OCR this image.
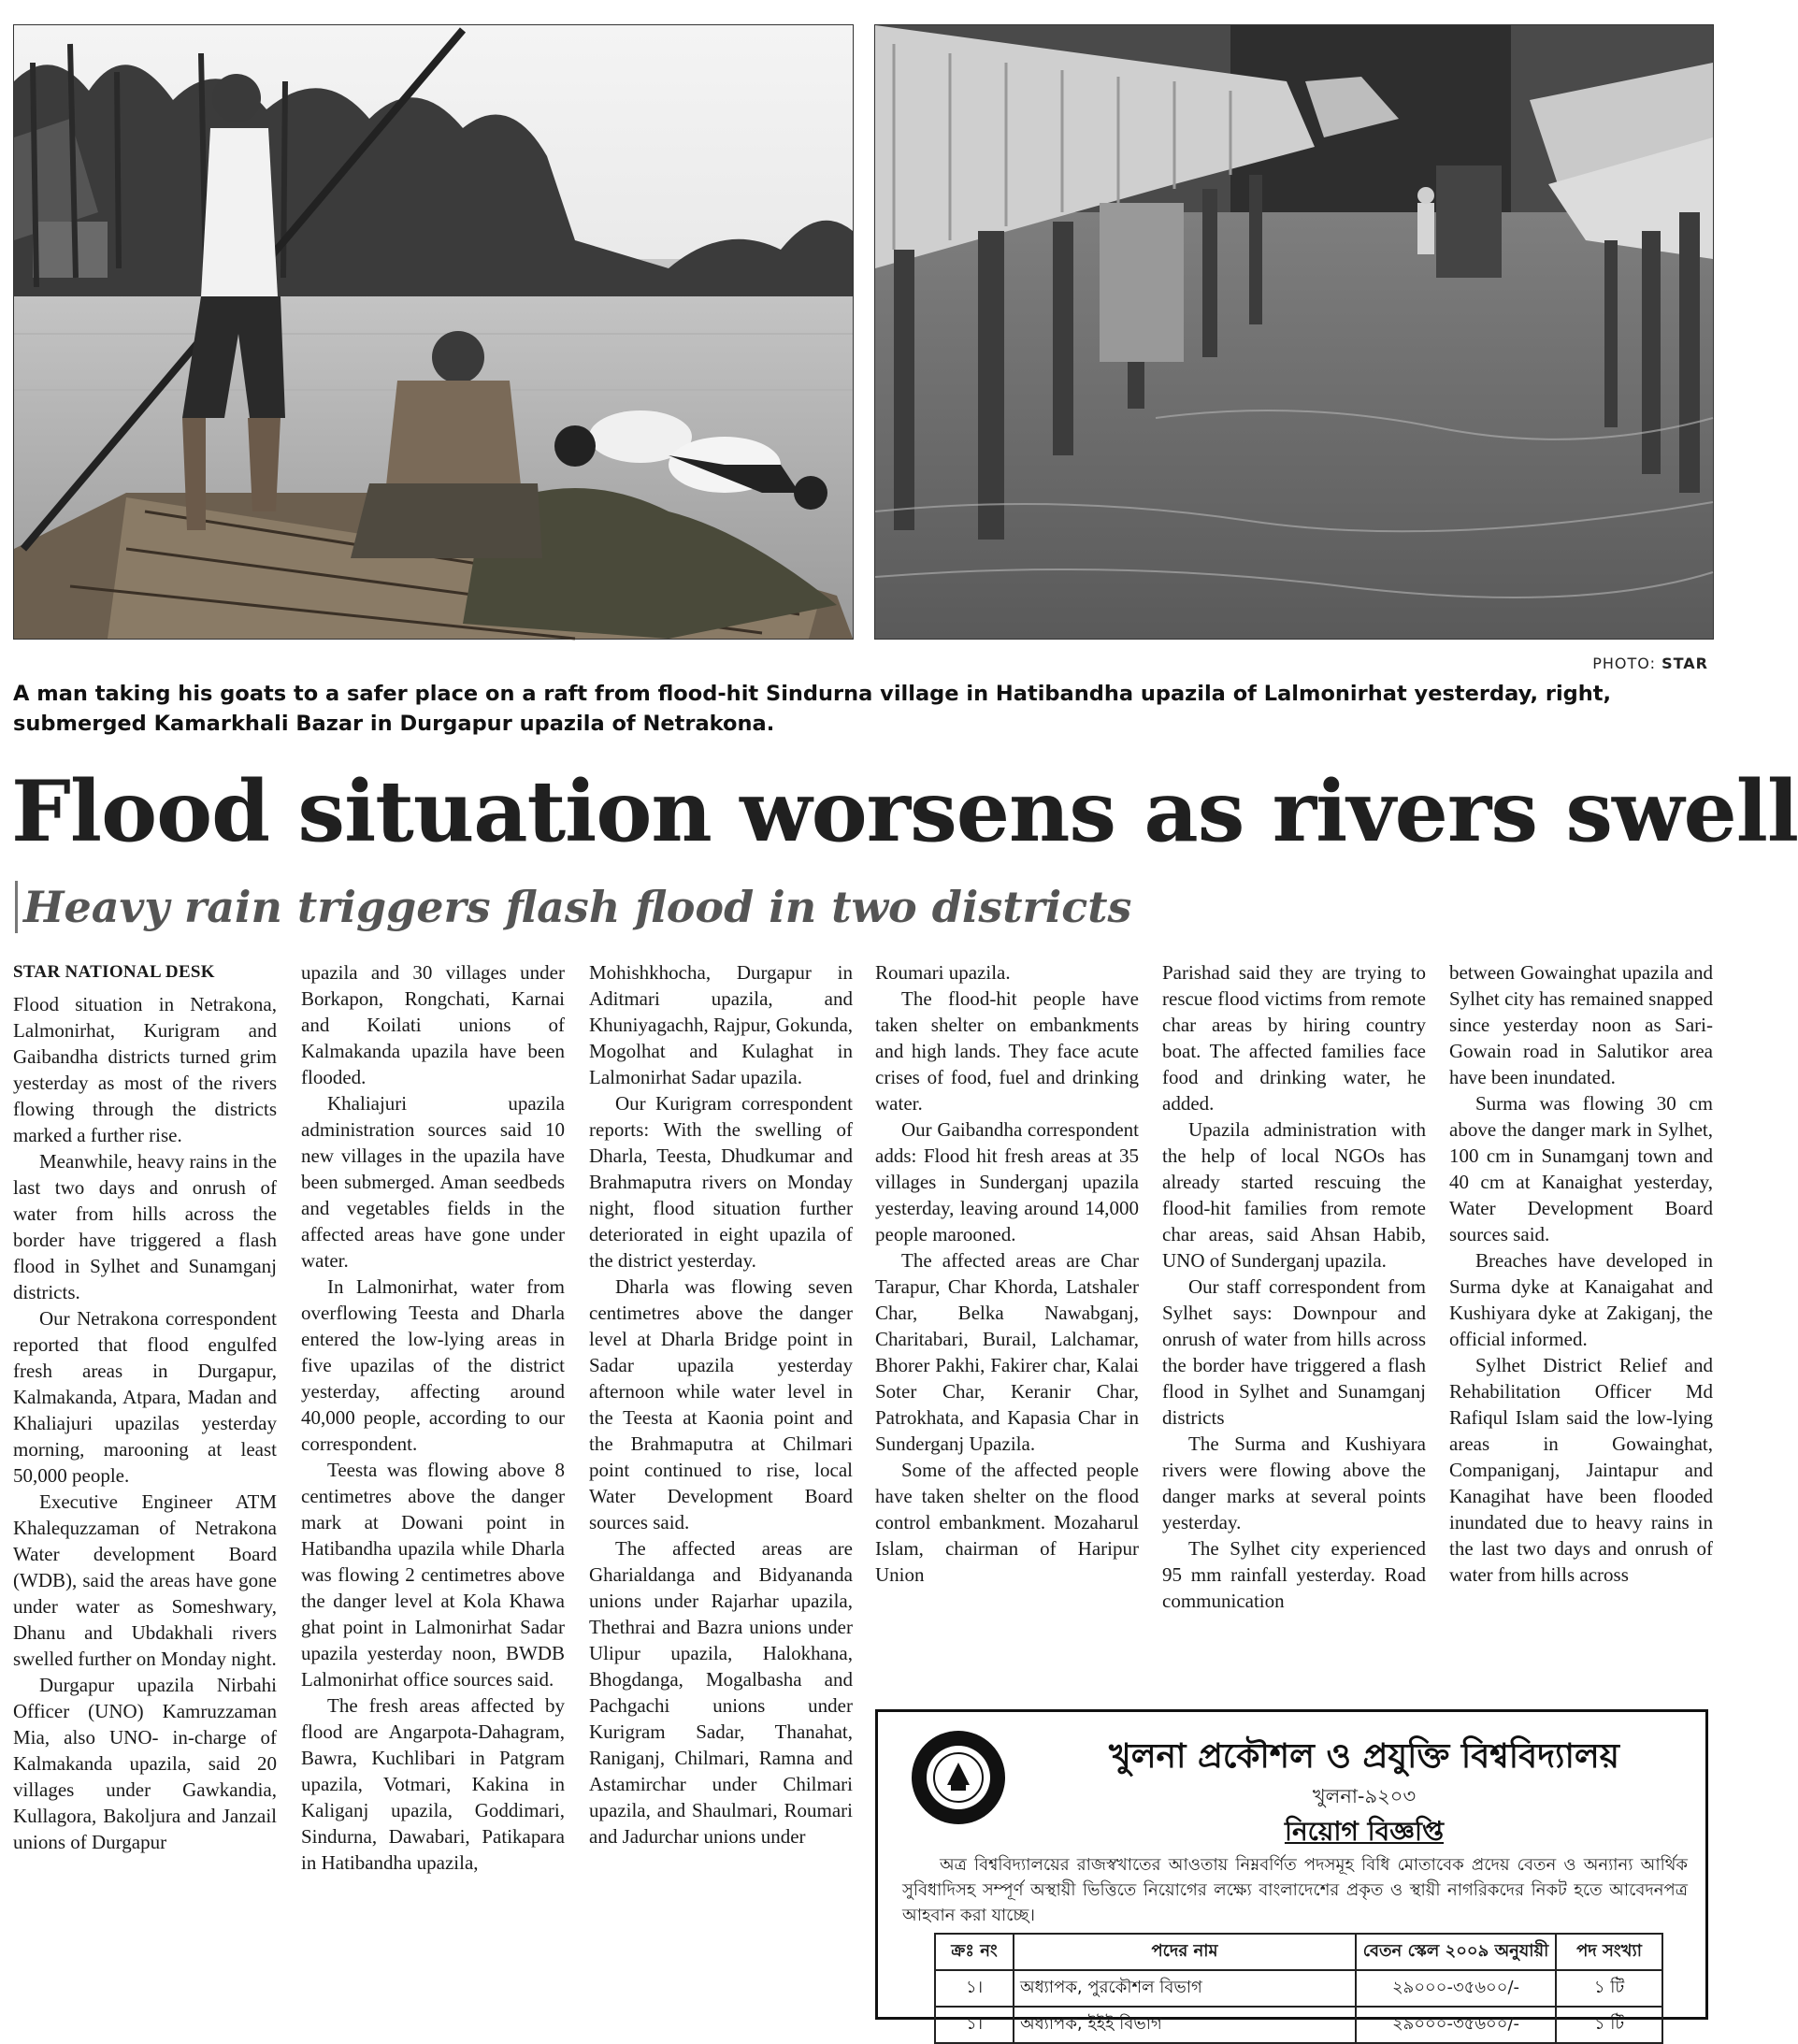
PHOTO: STAR
A man taking his goats to a safer place on a raft from flood-hit Sindurna village in Hatibandha upazila of Lalmonirhat yesterday, right, submerged Kamarkhali Bazar in Durgapur upazila of Netrakona.
Flood situation worsens as rivers swell
Heavy rain triggers flash flood in two districts

STAR NATIONAL DESK

Flood situation in Netrakona, Lalmonirhat, Kurigram and Gaibandha districts turned grim yesterday as most of the rivers flowing through the districts marked a further rise.

Meanwhile, heavy rains in the last two days and onrush of water from hills across the border have triggered a flash flood in Sylhet and Sunamganj districts.

Our Netrakona correspondent reported that flood engulfed fresh areas in Durgapur, Kalmakanda, Atpara, Madan and Khaliajuri upazilas yesterday morning, marooning at least 50,000 people.

Executive Engineer ATM Khalequzzaman of Netrakona Water development Board (WDB), said the areas have gone under water as Someshwary, Dhanu and Ubdakhali rivers swelled further on Monday night.

Durgapur upazila Nirbahi Officer (UNO) Kamruzzaman Mia, also UNO- in-charge of Kalmakanda upazila, said 20 villages under Gawkandia, Kullagora, Bakoljura and Janzail unions of Durgapur

upazila and 30 villages under Borkapon, Rongchati, Karnai and Koilati unions of Kalmakanda upazila have been flooded.

Khaliajuri upazila administration sources said 10 new villages in the upazila have been submerged. Aman seedbeds and vegetables fields in the affected areas have gone under water.

In Lalmonirhat, water from overflowing Teesta and Dharla entered the low-lying areas in five upazilas of the district yesterday, affecting around 40,000 people, according to our correspondent.

Teesta was flowing above 8 centimetres above the danger mark at Dowani point in Hatibandha upazila while Dharla was flowing 2 centimetres above the danger level at Kola Khawa ghat point in Lalmonirhat Sadar upazila yesterday noon, BWDB Lalmonirhat office sources said.

The fresh areas affected by flood are Angarpota-Dahagram, Bawra, Kuchlibari in Patgram upazila, Votmari, Kakina in Kaliganj upazila, Goddimari, Sindurna, Dawabari, Patikapara in Hatibandha upazila,

Mohishkhocha, Durgapur in Aditmari upazila, and Khuniyagachh, Rajpur, Gokunda, Mogolhat and Kulaghat in Lalmonirhat Sadar upazila.

Our Kurigram correspondent reports: With the swelling of Dharla, Teesta, Dhudkumar and Brahmaputra rivers on Monday night, flood situation further deteriorated in eight upazila of the district yesterday.

Dharla was flowing seven centimetres above the danger level at Dharla Bridge point in Sadar upazila yesterday afternoon while water level in the Teesta at Kaonia point and the Brahmaputra at Chilmari point continued to rise, local Water Development Board sources said.

The affected areas are Gharialdanga and Bidyananda unions under Rajarhar upazila, Thethrai and Bazra unions under Ulipur upazila, Halokhana, Bhogdanga, Mogalbasha and Pachgachi unions under Kurigram Sadar, Thanahat, Raniganj, Chilmari, Ramna and Astamirchar under Chilmari upazila, and Shaulmari, Roumari and Jadurchar unions under

Roumari upazila.

The flood-hit people have taken shelter on embankments and high lands. They face acute crises of food, fuel and drinking water.

Our Gaibandha correspondent adds: Flood hit fresh areas at 35 villages in Sunderganj upazila yesterday, leaving around 14,000 people marooned.

The affected areas are Char Tarapur, Char Khorda, Latshaler Char, Belka Nawabganj, Charitabari, Burail, Lalchamar, Bhorer Pakhi, Fakirer char, Kalai Soter Char, Keranir Char, Patrokhata, and Kapasia Char in Sunderganj Upazila.

Some of the affected people have taken shelter on the flood control embankment. Mozaharul Islam, chairman of Haripur Union

Parishad said they are trying to rescue flood victims from remote char areas by hiring country boat. The affected families face food and drinking water, he added.

Upazila administration with the help of local NGOs has already started rescuing the flood-hit families from remote char areas, said Ahsan Habib, UNO of Sunderganj upazila.

Our staff correspondent from Sylhet says: Downpour and onrush of water from hills across the border have triggered a flash flood in Sylhet and Sunamganj districts

The Surma and Kushiyara rivers were flowing above the danger marks at several points yesterday.

The Sylhet city experienced 95 mm rainfall yesterday. Road communication

between Gowainghat upazila and Sylhet city has remained snapped since yesterday noon as Sari-Gowain road in Salutikor area have been inundated.

Surma was flowing 30 cm above the danger mark in Sylhet, 100 cm in Sunamganj town and 40 cm at Kanaighat yesterday, Water Development Board sources said.

Breaches have developed in Surma dyke at Kanaigahat and Kushiyara dyke at Zakiganj, the official informed.

Sylhet District Relief and Rehabilitation Officer Md Rafiqul Islam said the low-lying areas in Gowainghat, Companiganj, Jaintapur and Kanagihat have been flooded inundated due to heavy rains in the last two days and onrush of water from hills across

খুলনা প্রকৌশল ও প্রযুক্তি বিশ্ববিদ্যালয়
খুলনা-৯২০৩
নিয়োগ বিজ্ঞপ্তি
অত্র বিশ্ববিদ্যালয়ের রাজস্বখাতের আওতায় নিম্নবর্ণিত পদসমূহ বিধি মোতাবেক প্রদেয় বেতন ও অন্যান্য আর্থিক সুবিধাদিসহ সম্পূর্ণ অস্থায়ী ভিত্তিতে নিয়োগের লক্ষ্যে বাংলাদেশের প্রকৃত ও স্থায়ী নাগরিকদের নিকট হতে আবেদনপত্র আহবান করা যাচ্ছে।
ক্রঃ নং	পদের নাম	বেতন স্কেল ২০০৯ অনুযায়ী	পদ সংখ্যা
১।	অধ্যাপক, পুরকৌশল বিভাগ	২৯০০০-৩৫৬০০/-	১ টি
১।	অধ্যাপক, ইইই বিভাগ	২৯০০০-৩৫৬০০/-	১ টি
